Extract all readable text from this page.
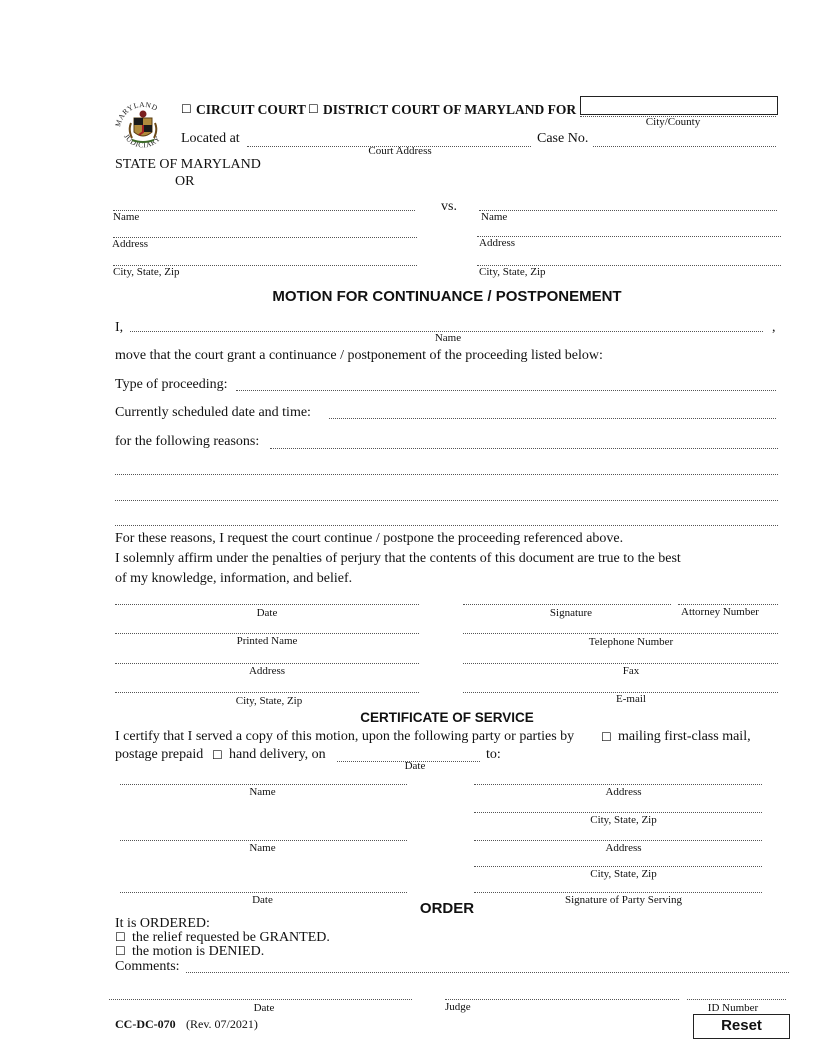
MARYLAND
JUDICIARY
☐ CIRCUIT COURT ☐ DISTRICT COURT OF MARYLAND FOR
City/County
Located at
Court Address
Case No.
STATE OF MARYLAND
OR
Name
vs.
Name
Address	Address
City, State, Zip	City, State, Zip
MOTION FOR CONTINUANCE / POSTPONEMENT
I,	,
Name
move that the court grant a continuance / postponement of the proceeding listed below:
Type of proceeding:
Currently scheduled date and time:
for the following reasons:
For these reasons, I request the court continue / postpone the proceeding referenced above.
I solemnly affirm under the penalties of perjury that the contents of this document are true to the best
of my knowledge, information, and belief.
Date	Signature	Attorney Number
Printed Name	Telephone Number
Address	Fax
City, State, Zip	E-mail
CERTIFICATE OF SERVICE
I certify that I served a copy of this motion, upon the following party or parties by ☐ mailing first-class mail,
postage prepaid ☐ hand delivery, on
Date
to:
Name	Address
City, State, Zip
Name	Address
City, State, Zip
Date	Signature of Party Serving
ORDER
It is ORDERED:
☐ the relief requested be GRANTED.
☐ the motion is DENIED.
Comments:
Date	Judge	ID Number
CC-DC-070 (Rev. 07/2021)	Reset
